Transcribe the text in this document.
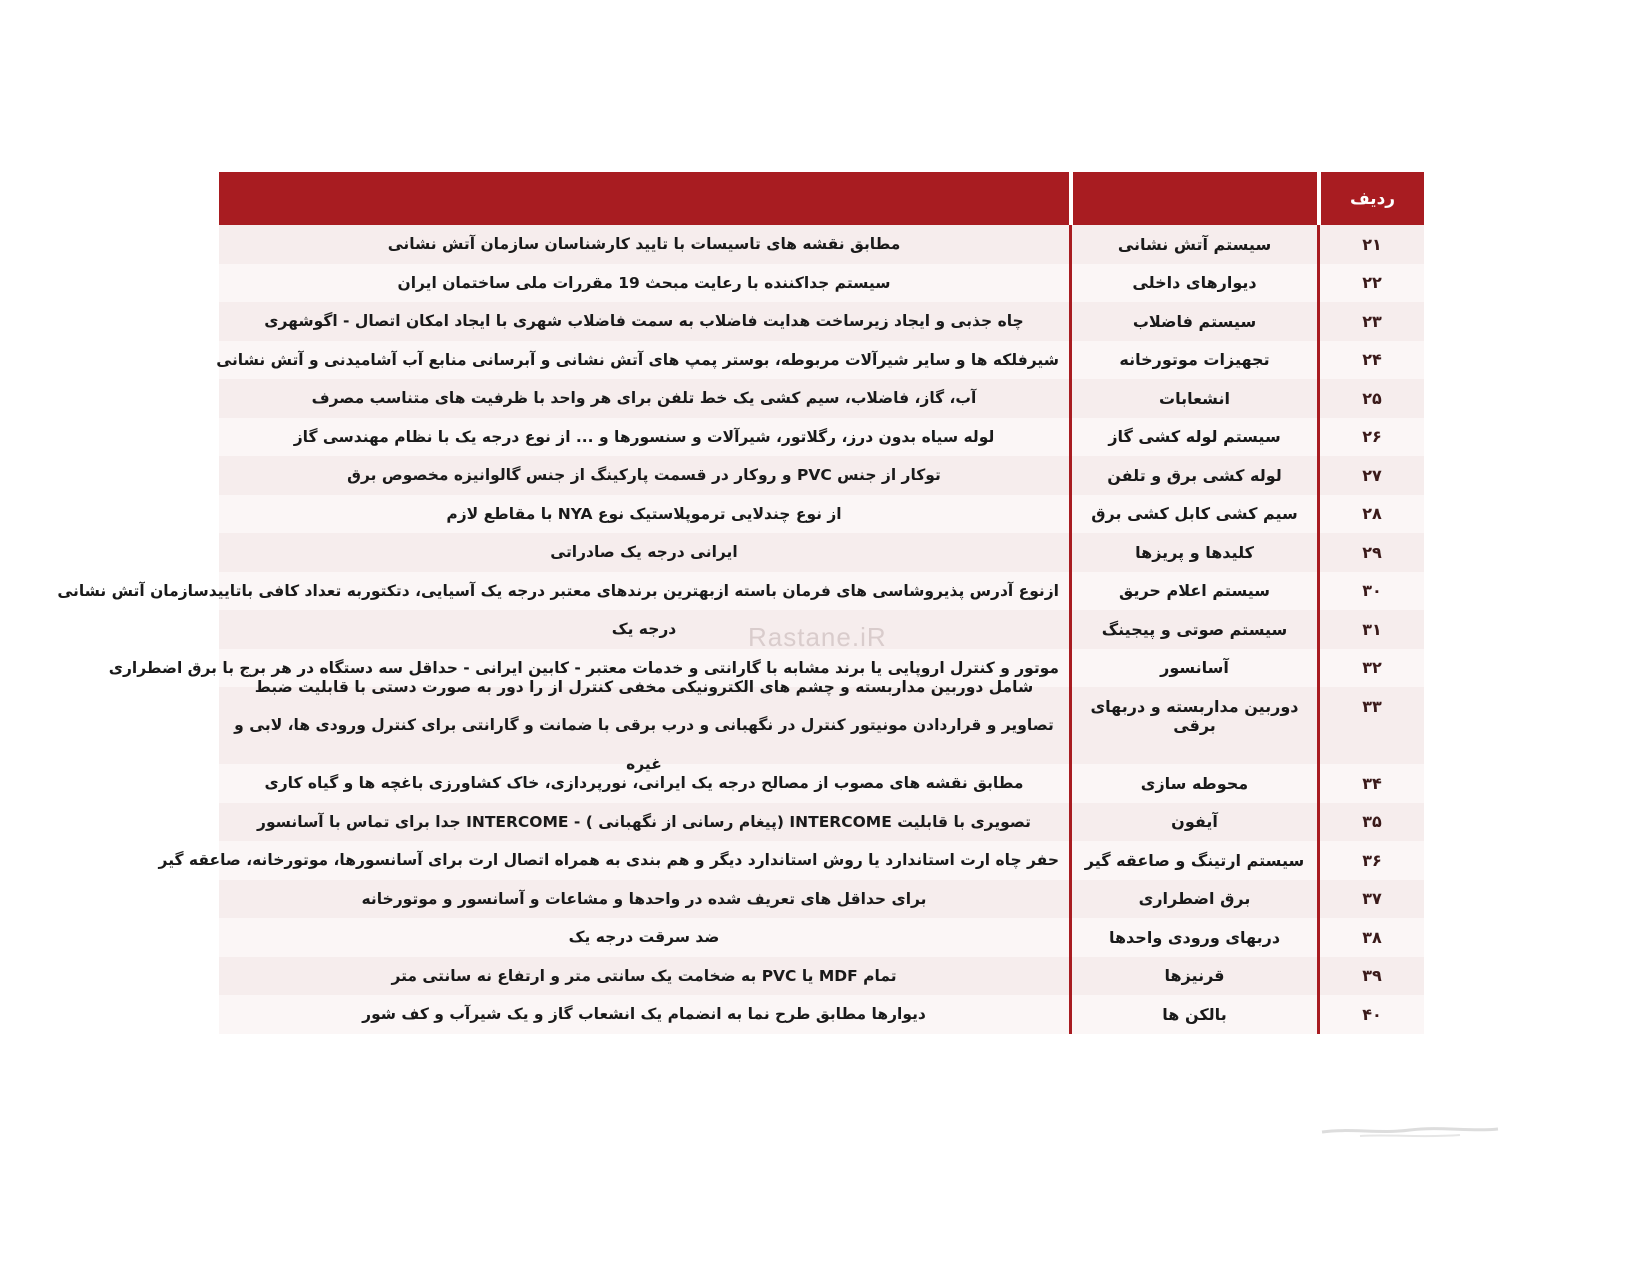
ردیف
۲۱
سیستم آتش نشانی
مطابق نقشه های تاسیسات با تایید کارشناسان سازمان آتش نشانی
۲۲
دیوارهای داخلی
سیستم جداکننده با رعایت مبحث 19 مقررات ملی ساختمان ایران
۲۳
سیستم فاضلاب
چاه جذبی و ایجاد زیرساخت هدایت فاضلاب به سمت فاضلاب شهری با ایجاد امکان اتصال - اگوشهری
۲۴
تجهیزات موتورخانه
شیرفلکه ها و سایر شیرآلات مربوطه، بوستر پمپ های آتش نشانی و آبرسانی منابع آب آشامیدنی و آتش نشانی
۲۵
انشعابات
آب، گاز، فاضلاب، سیم کشی یک خط تلفن برای هر واحد با ظرفیت های متناسب مصرف
۲۶
سیستم لوله کشی گاز
لوله سیاه بدون درز، رگلاتور، شیرآلات و سنسورها و ... از نوع درجه یک با نظام مهندسی گاز
۲۷
لوله کشی برق و تلفن
توکار از جنس PVC و روکار در قسمت پارکینگ از جنس گالوانیزه مخصوص برق
۲۸
سیم کشی کابل کشی برق
از نوع چندلایی ترموپلاستیک نوع NYA با مقاطع لازم
۲۹
کلیدها و پریزها
ایرانی درجه یک صادراتی
۳۰
سیستم اعلام حریق
ازنوع آدرس پذیروشاسی های فرمان باسته ازبهترین برندهای معتبر درجه یک آسیایی، دتکتوربه تعداد کافی باتاییدسازمان آتش نشانی
۳۱
سیستم صوتی و پیجینگ
درجه یک
۳۲
آسانسور
موتور و کنترل اروپایی یا برند مشابه با گارانتی و خدمات معتبر - کابین ایرانی - حداقل سه دستگاه در هر برج با برق اضطراری
۳۳
دوربین مداربسته و دربهای برقی
شامل دوربین مداربسته و چشم های الکترونیکی مخفی کنترل از را دور به صورت دستی با قابلیت ضبط تصاویر و قراردادن مونیتور کنترل در نگهبانی و درب برقی با ضمانت و گارانتی برای کنترل ورودی ها، لابی و غیره
۳۴
محوطه سازی
مطابق نقشه های مصوب از مصالح درجه یک ایرانی، نورپردازی، خاک کشاورزی باغچه ها و گیاه کاری
۳۵
آیفون
تصویری با قابلیت INTERCOME (پیغام رسانی از نگهبانی ) - INTERCOME جدا برای تماس با آسانسور
۳۶
سیستم ارتینگ و صاعقه گیر
حفر چاه ارت استاندارد یا روش استاندارد دیگر و هم بندی به همراه اتصال ارت برای آسانسورها، موتورخانه، صاعقه گیر
۳۷
برق اضطراری
برای حداقل های تعریف شده در واحدها و مشاعات و آسانسور و موتورخانه
۳۸
دربهای ورودی واحدها
ضد سرقت درجه یک
۳۹
قرنیزها
تمام MDF یا PVC به ضخامت یک سانتی متر و ارتفاع نه سانتی متر
۴۰
بالکن ها
دیوارها مطابق طرح نما به انضمام یک انشعاب گاز و یک شیرآب و کف شور
Rastane.iR
